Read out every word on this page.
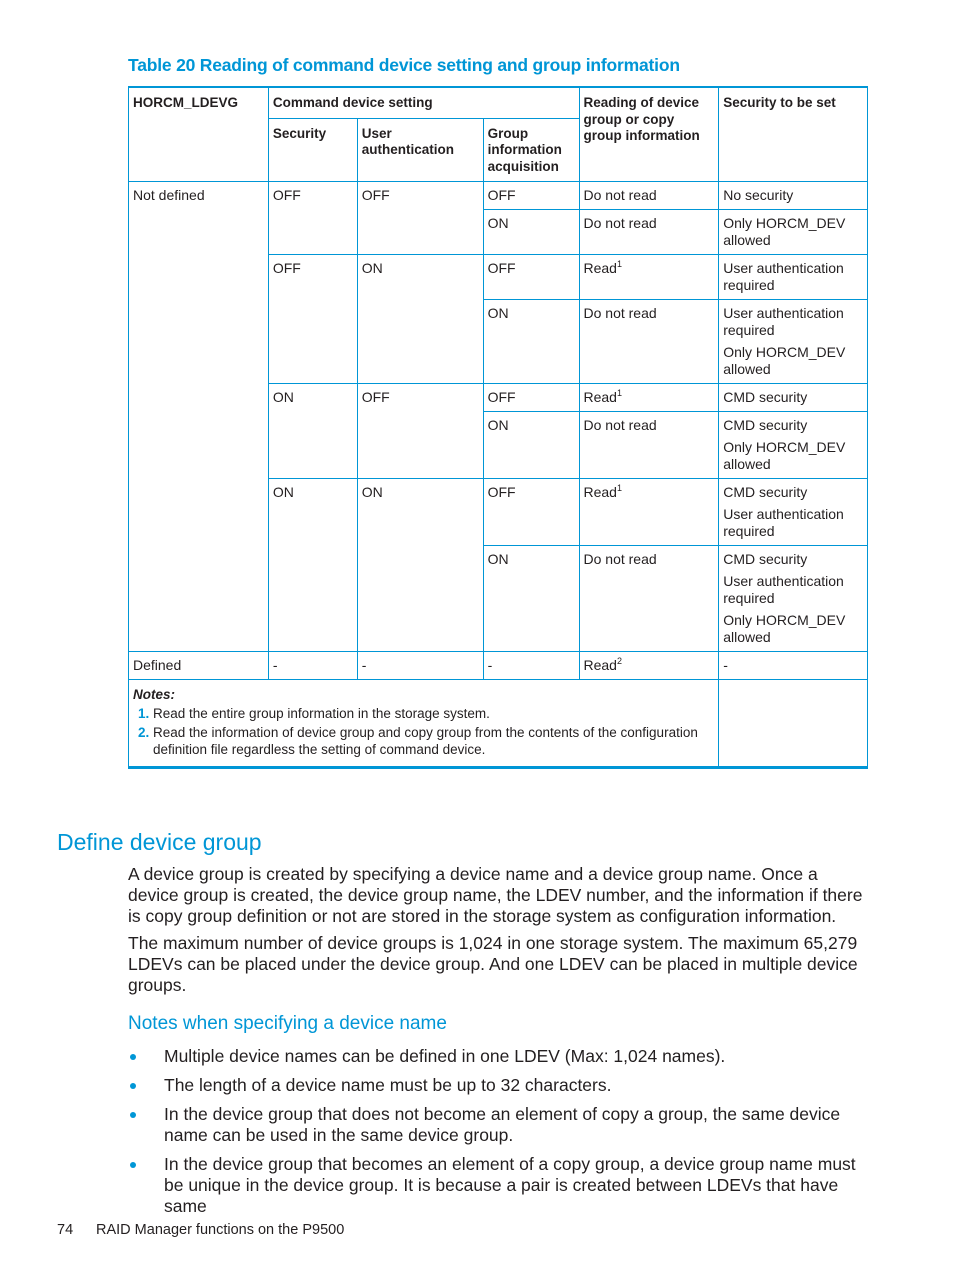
Table 20 Reading of command device setting and group information
HORCM_LDEVG	Command device setting			Reading of device group or copy group information	Security to be set
	Security	User authentication	Group information acquisition		
Not defined	OFF	OFF	OFF	Do not read	No security

			ON	Do not read	Only HORCM_DEV allowed

	OFF	ON	OFF	Read$^1$	User authentication required

			ON	Do not read	User authentication required
Only HORCM_DEV allowed

	ON	OFF	OFF	Read$^1$	CMD security

			ON	Do not read	CMD security
Only HORCM_DEV allowed

	ON	ON	OFF	Read$^1$	CMD security
User authentication required

			ON	Do not read	CMD security
User authentication required
Only HORCM_DEV allowed

Defined	-	-	-	Read$^2$	-

Notes:
1. Read the entire group information in the storage system.
2. Read the information of device group and copy group from the contents of the configuration definition file regardless the setting of command device.					

Define device group

A device group is created by specifying a device name and a device group name. Once a device group is created, the device group name, the LDEV number, and the information if there is copy group definition or not are stored in the storage system as configuration information.

The maximum number of device groups is 1,024 in one storage system. The maximum 65,279 LDEVs can be placed under the device group. And one LDEV can be placed in multiple device groups.

Notes when specifying a device name
Multiple device names can be defined in one LDEV (Max: 1,024 names).
The length of a device name must be up to 32 characters.
In the device group that does not become an element of copy a group, the same device name can be used in the same device group.
In the device group that becomes an element of a copy group, a device group name must be unique in the device group. It is because a pair is created between LDEVs that have same
74 RAID Manager functions on the P9500
